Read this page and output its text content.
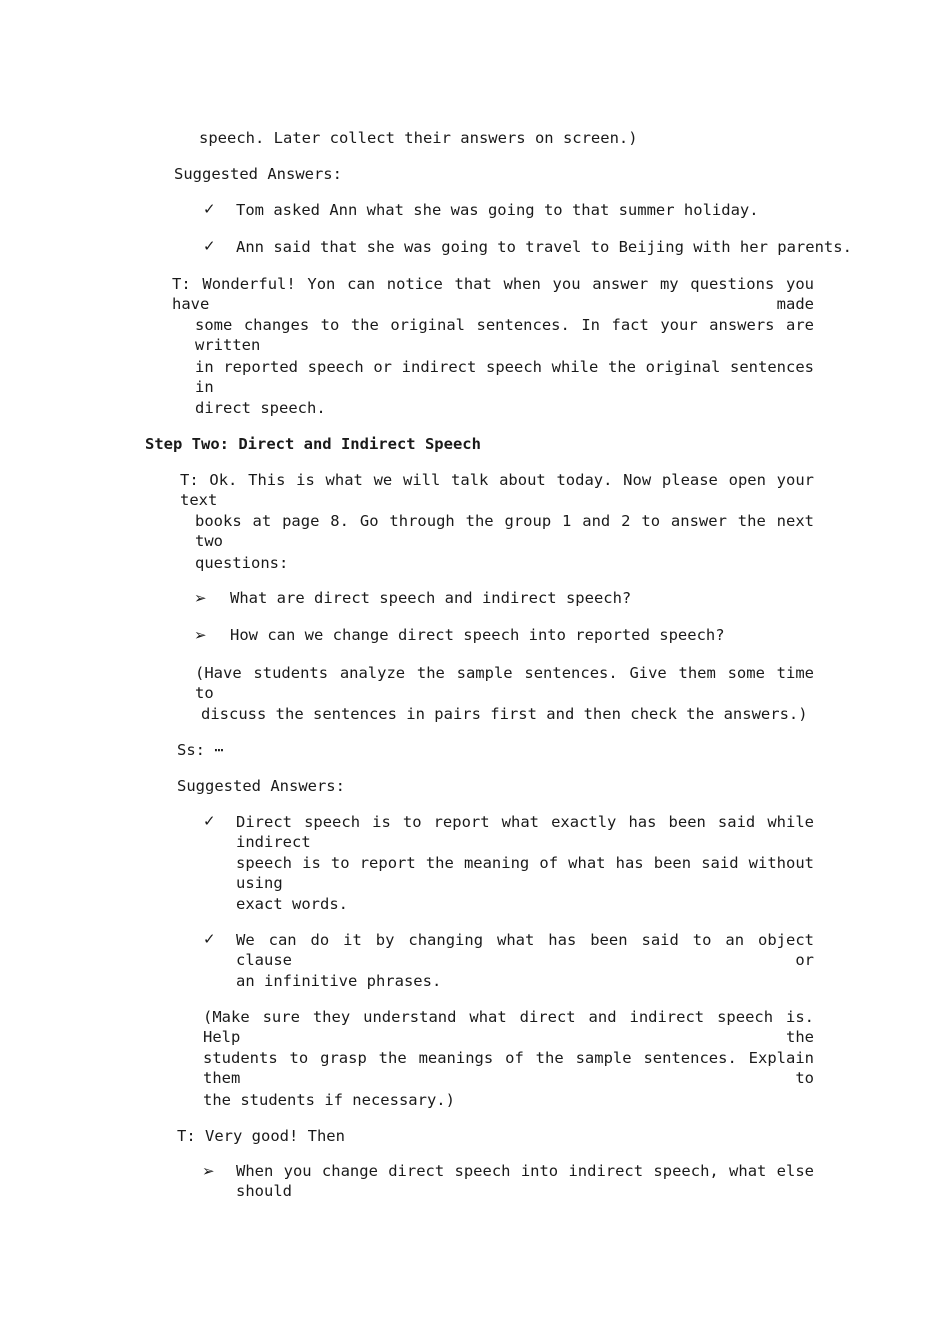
speech. Later collect their answers on screen.)
Suggested Answers:
✓ Tom asked Ann what she was going to that summer holiday.
✓ Ann said that she was going to travel to Beijing with her parents.
T: Wonderful! Yon can notice that when you answer my questions you have made
some changes to the original sentences. In fact your answers are written
in reported speech or indirect speech while the original sentences in
direct speech.
Step Two: Direct and Indirect Speech
T: Ok. This is what we will talk about today. Now please open your text
books at page 8. Go through the group 1 and 2 to answer the next two
questions:
➢ What are direct speech and indirect speech?
➢ How can we change direct speech into reported speech?
(Have students analyze the sample sentences. Give them some time to
discuss the sentences in pairs first and then check the answers.)
Ss: ⋯
Suggested Answers:
✓ Direct speech is to report what exactly has been said while indirect
speech is to report the meaning of what has been said without using
exact words.
✓ We can do it by changing what has been said to an object clause or
an infinitive phrases.
(Make sure they understand what direct and indirect speech is. Help the
students to grasp the meanings of the sample sentences. Explain them to
the students if necessary.)
T: Very good! Then
➢ When you change direct speech into indirect speech, what else should
